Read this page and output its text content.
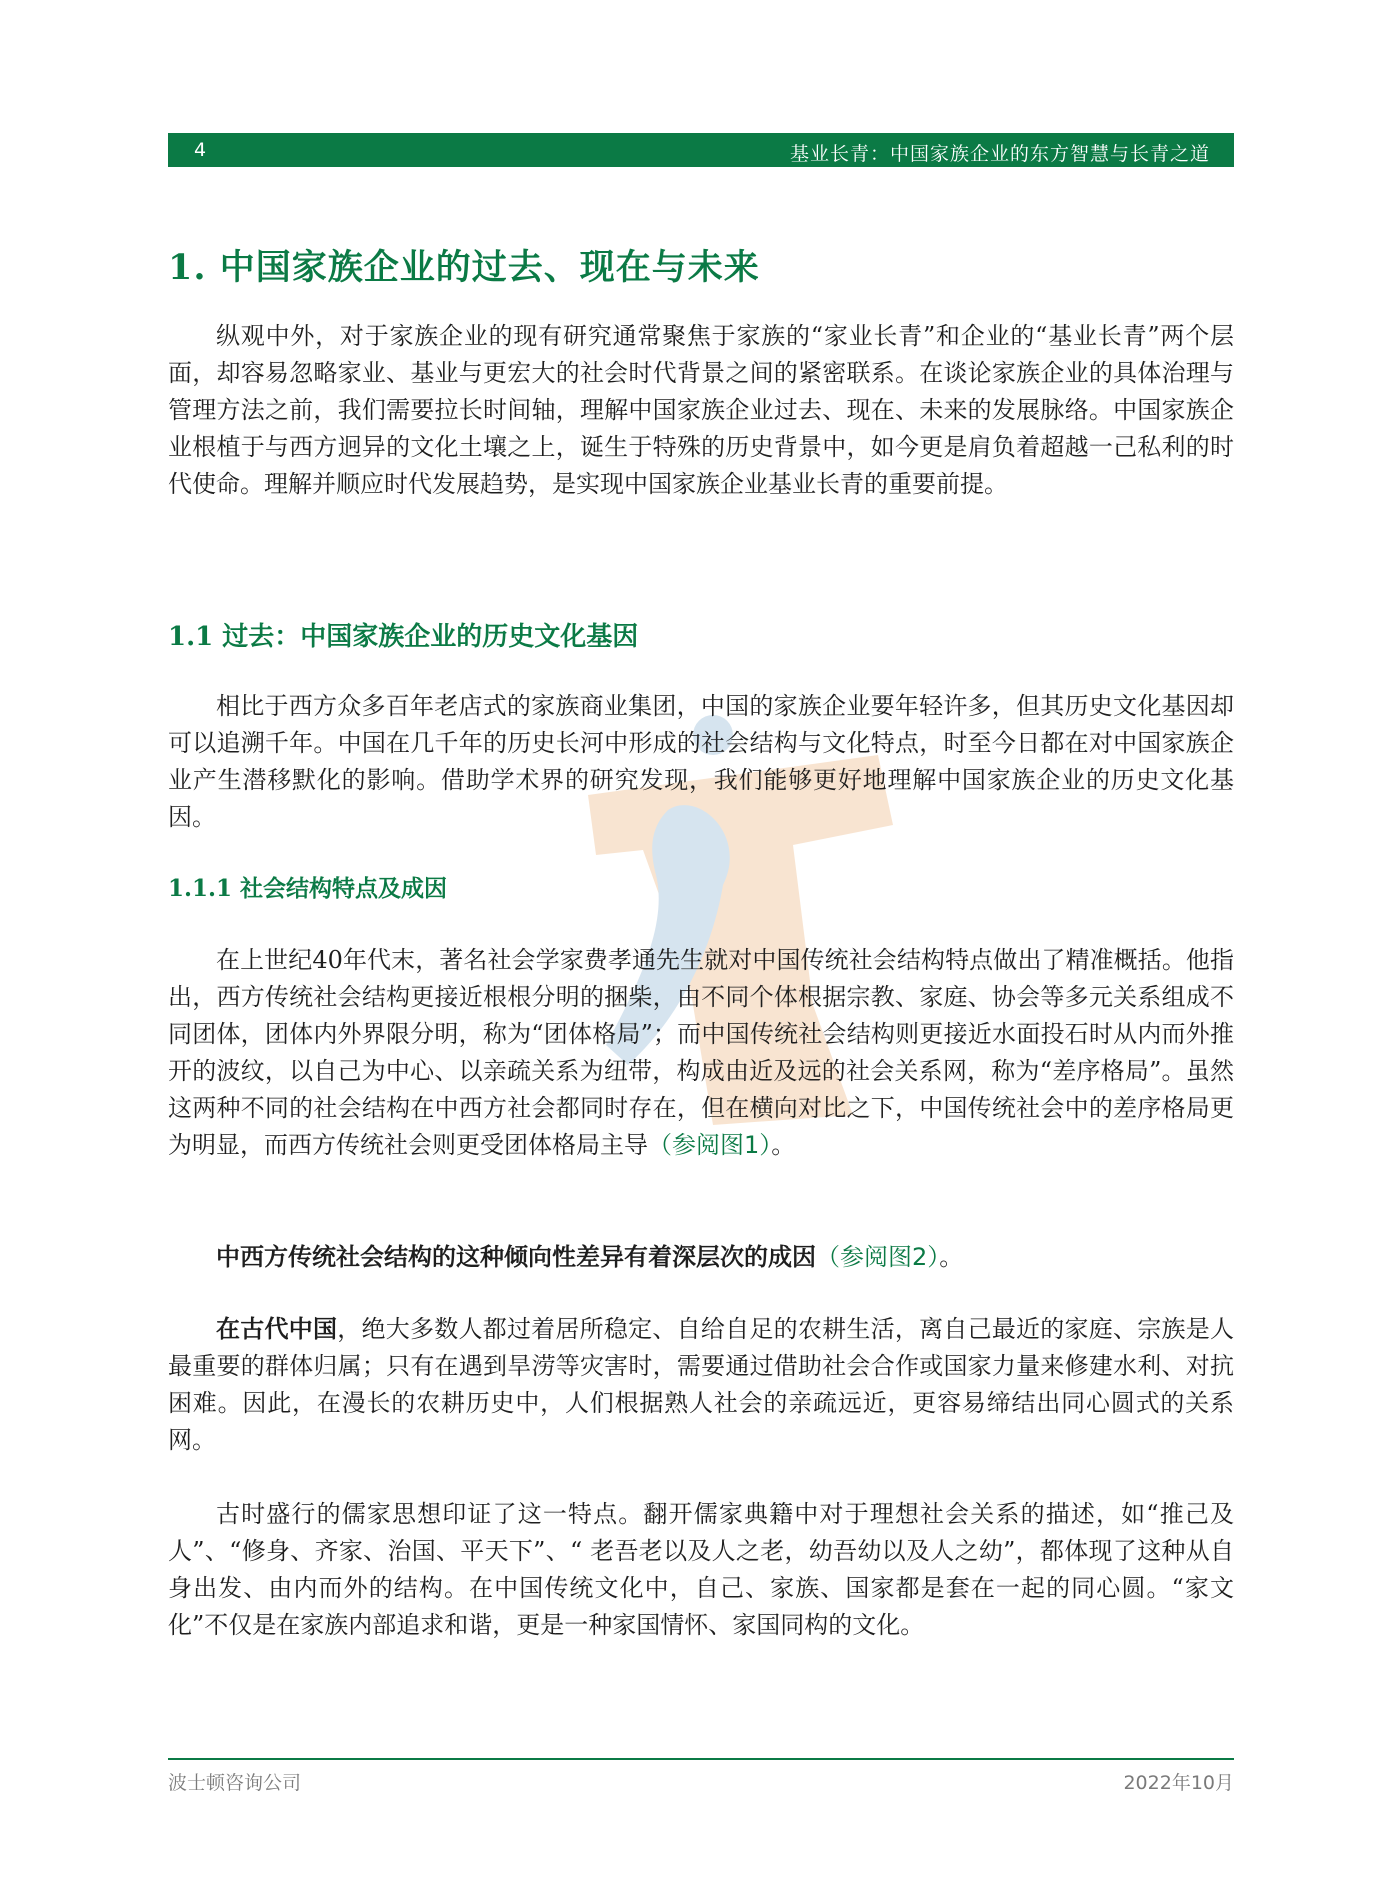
4	基业长青：中国家族企业的东方智慧与长青之道
1. 中国家族企业的过去、现在与未来

纵观中外，对于家族企业的现有研究通常聚焦于家族的“家业长青”和企业的“基业长青”两个层面，却容易忽略家业、基业与更宏大的社会时代背景之间的紧密联系。在谈论家族企业的具体治理与管理方法之前，我们需要拉长时间轴，理解中国家族企业过去、现在、未来的发展脉络。中国家族企业根植于与西方迥异的文化土壤之上，诞生于特殊的历史背景中，如今更是肩负着超越一己私利的时代使命。理解并顺应时代发展趋势，是实现中国家族企业基业长青的重要前提。

1.1 过去：中国家族企业的历史文化基因

相比于西方众多百年老店式的家族商业集团，中国的家族企业要年轻许多，但其历史文化基因却可以追溯千年。中国在几千年的历史长河中形成的社会结构与文化特点，时至今日都在对中国家族企业产生潜移默化的影响。借助学术界的研究发现，我们能够更好地理解中国家族企业的历史文化基因。

1.1.1 社会结构特点及成因

在上世纪40年代末，著名社会学家费孝通先生就对中国传统社会结构特点做出了精准概括。他指出，西方传统社会结构更接近根根分明的捆柴，由不同个体根据宗教、家庭、协会等多元关系组成不同团体，团体内外界限分明，称为“团体格局”；而中国传统社会结构则更接近水面投石时从内而外推开的波纹，以自己为中心、以亲疏关系为纽带，构成由近及远的社会关系网，称为“差序格局”。虽然这两种不同的社会结构在中西方社会都同时存在，但在横向对比之下，中国传统社会中的差序格局更为明显，而西方传统社会则更受团体格局主导（参阅图1）。

中西方传统社会结构的这种倾向性差异有着深层次的成因（参阅图2）。

在古代中国，绝大多数人都过着居所稳定、自给自足的农耕生活，离自己最近的家庭、宗族是人最重要的群体归属；只有在遇到旱涝等灾害时，需要通过借助社会合作或国家力量来修建水利、对抗困难。因此，在漫长的农耕历史中，人们根据熟人社会的亲疏远近，更容易缔结出同心圆式的关系网。

古时盛行的儒家思想印证了这一特点。翻开儒家典籍中对于理想社会关系的描述，如“推己及人”、“修身、齐家、治国、平天下”、“ 老吾老以及人之老，幼吾幼以及人之幼”，都体现了这种从自身出发、由内而外的结构。在中国传统文化中，自己、家族、国家都是套在一起的同心圆。“家文化”不仅是在家族内部追求和谐，更是一种家国情怀、家国同构的文化。

波士顿咨询公司	2022年10月
